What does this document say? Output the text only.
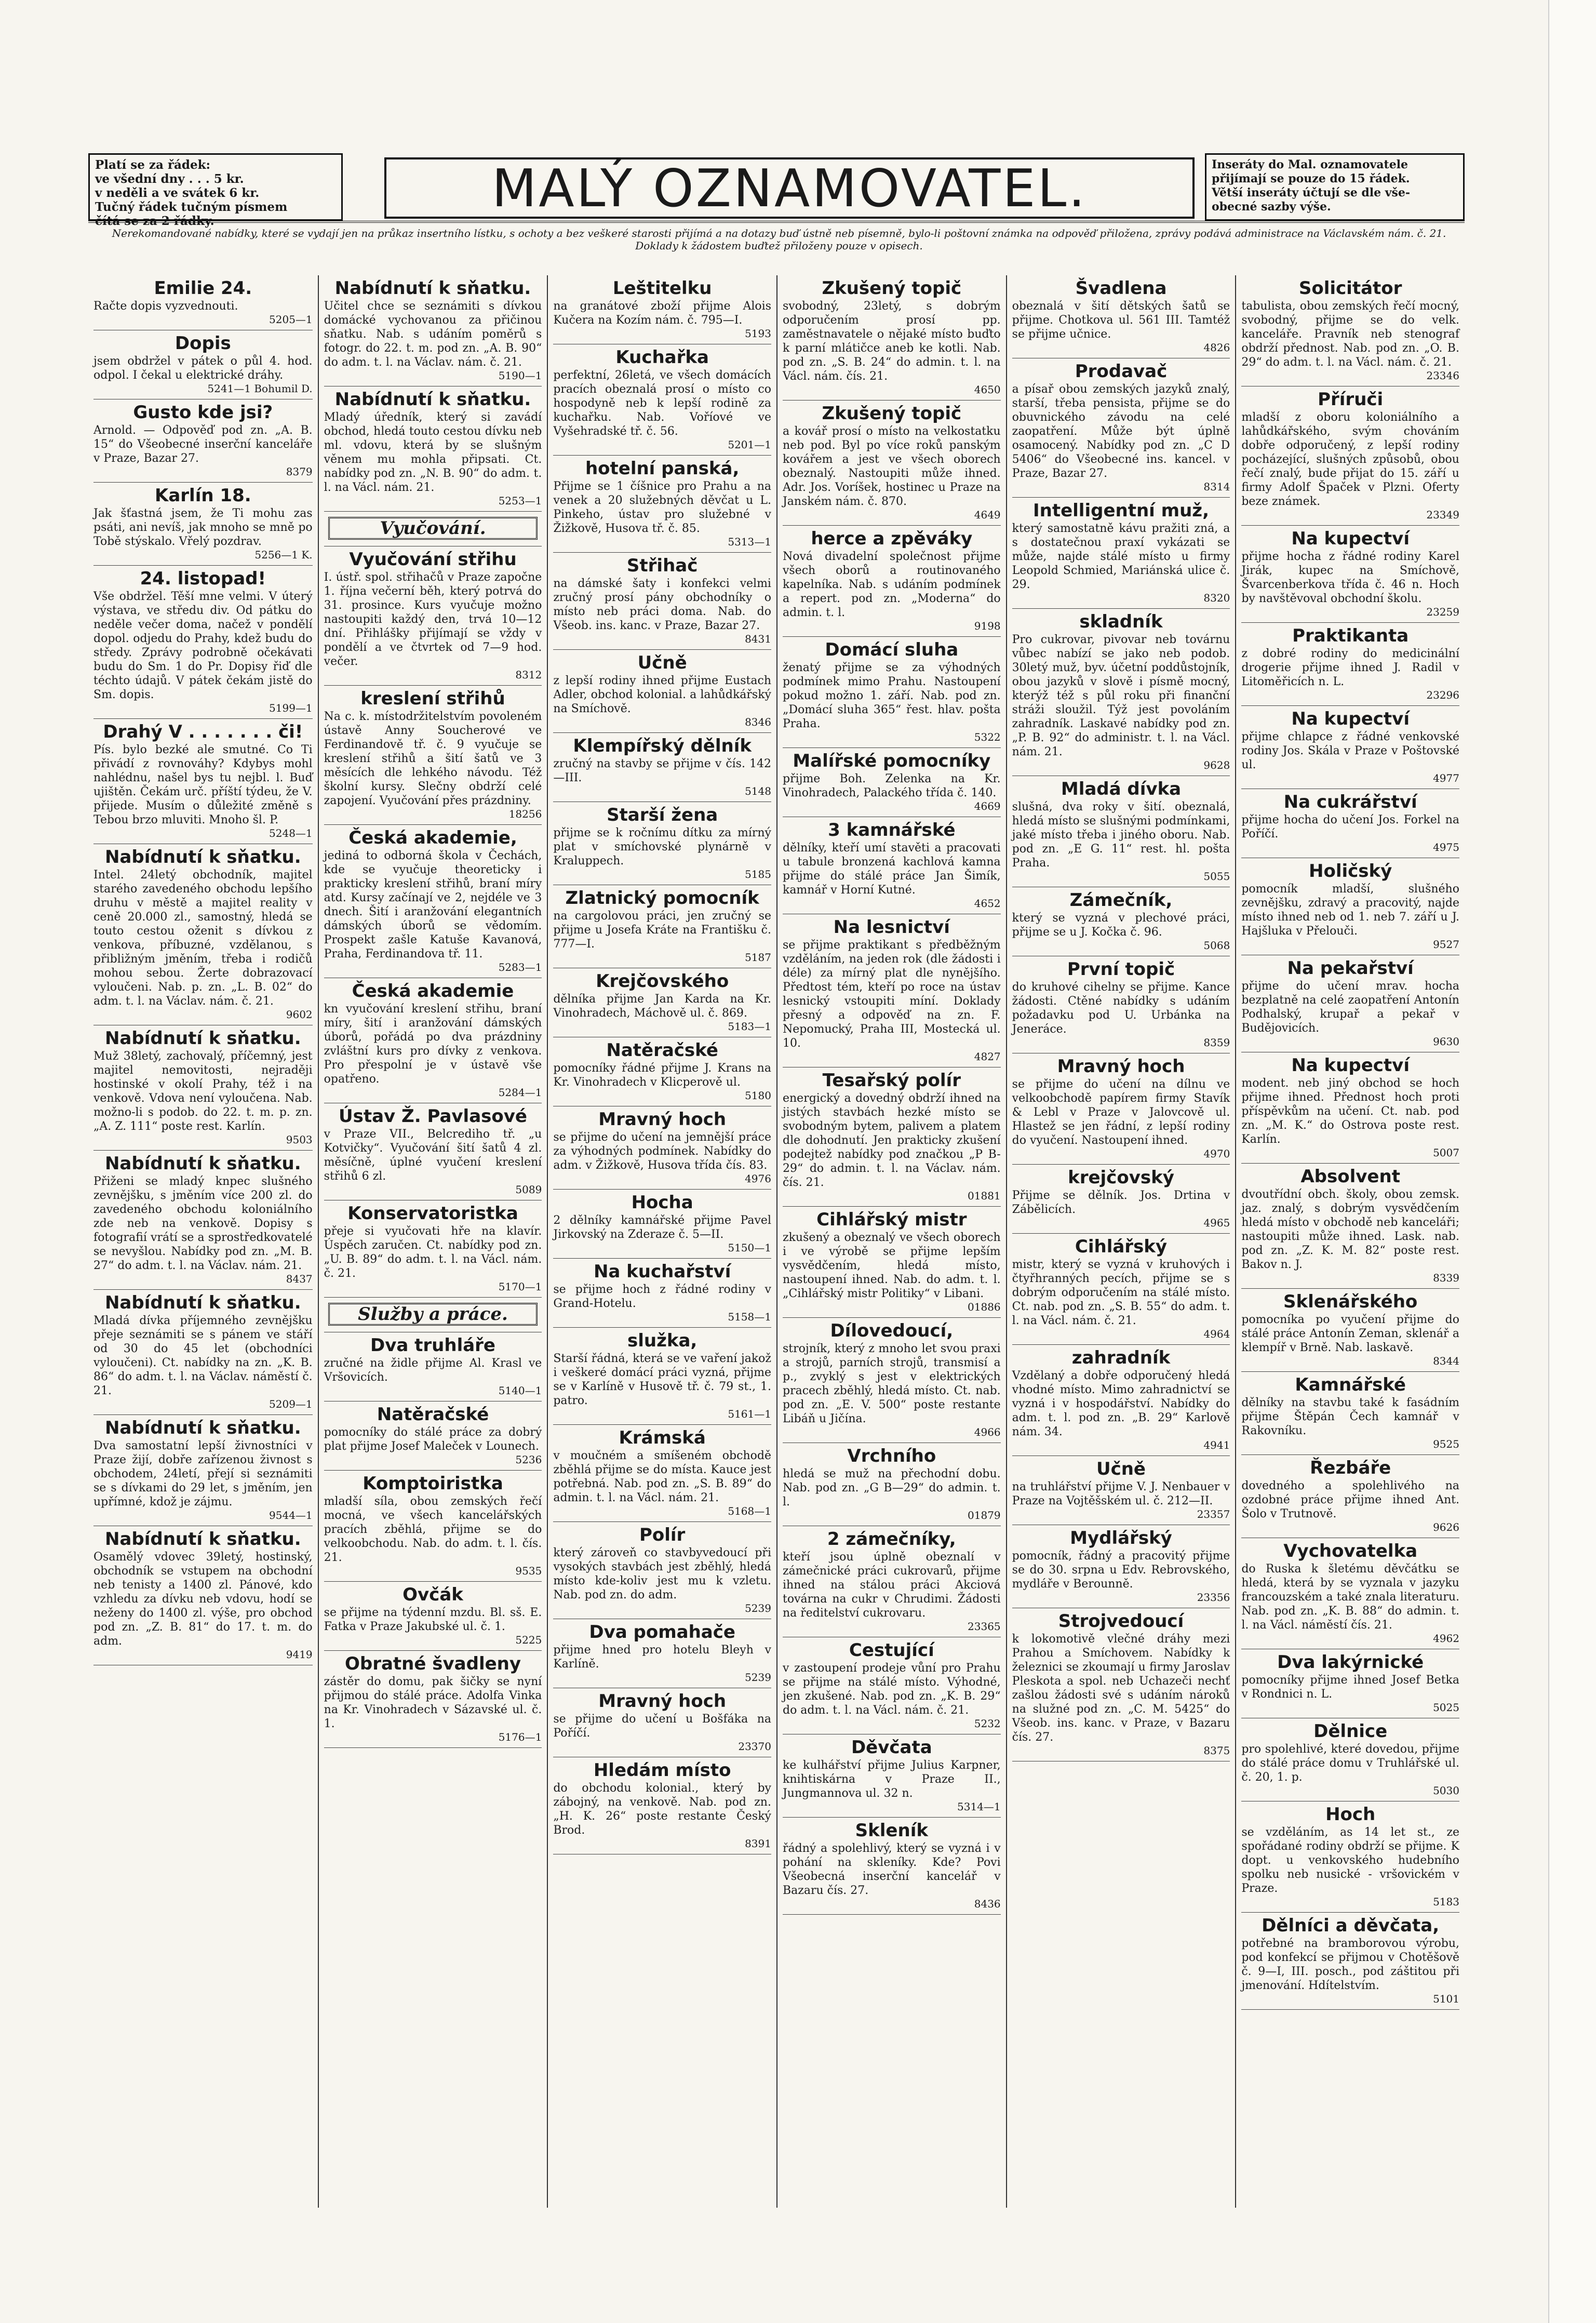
Platí se za řádek:
ve všední dny . . . 5 kr.
v neděli a ve svátek 6 kr.
Tučný řádek tučným písmem
čítá se za 2 řádky.
MALÝ OZNAMOVATEL.	Inseráty do Mal. oznamovatele
přijímají se pouze do 15 řádek.
Větší inseráty účtují se dle vše-
obecné sazby výše.
Nerekomandované nabídky, které se vydají jen na průkaz insertního lístku, s ochoty a bez veškeré starosti přijímá a na dotazy buď ústně neb písemně, bylo-li poštovní známka na odpověď přiložena, zprávy podává administrace na Václavském nám. č. 21. Doklady k žádostem buďtež přiloženy pouze v opisech.
Emilie 24.

Račte dopis vyzvednouti.

5205—1

Dopis

jsem obdržel v pátek o půl 4. hod. odpol. I čekal u elektrické dráhy.

5241—1 Bohumil D.

Gusto kde jsi?

Arnold. — Odpověď pod zn. „A. B. 15“ do Všeobecné inserční kanceláře v Praze, Bazar 27.

8379

Karlín 18.

Jak šťastná jsem, že Ti mohu zas psáti, ani nevíš, jak mnoho se mně po Tobě stýskalo. Vřelý pozdrav.

5256—1 K.

24. listopad!

Vše obdržel. Těší mne velmi. V úterý výstava, ve středu div. Od pátku do neděle večer doma, načež v pondělí dopol. odjedu do Prahy, kdež budu do středy. Zprávy podrobně očekávati budu do Sm. 1 do Pr. Dopisy řiď dle téchto údajů. V pátek čekám jistě do Sm. dopis.

5199—1

Drahý V . . . . . . . či!

Pís. bylo bezké ale smutné. Co Ti přivádí z rovnováhy? Kdybys mohl nahlédnu, našel bys tu nejbl. l. Buď ujištěn. Čekám urč. příští týdeu, že V. přijede. Musím o důležité změně s Tebou brzo mluviti. Mnoho šl. P.

5248—1

Nabídnutí k sňatku.

Intel. 24letý obchodník, majitel starého zavedeného obchodu lepšího druhu v městě a majitel reality v ceně 20.000 zl., samostný, hledá se touto cestou oženit s dívkou z venkova, příbuzné, vzdělanou, s přibližným jměním, třeba i rodičů mohou sebou. Žerte dobrazovací vyloučeni. Nab. p. zn. „L. B. 02“ do adm. t. l. na Václav. nám. č. 21.

9602

Nabídnutí k sňatku.

Muž 38letý, zachovalý, příčemný, jest majitel nemovitosti, nejraději hostinské v okolí Prahy, též i na venkově. Vdova není vyloučena. Nab. možno-li s podob. do 22. t. m. p. zn. „A. Z. 111“ poste rest. Karlín.

9503

Nabídnutí k sňatku.

Přiženi se mladý knpec slušného zevnějšku, s jměním více 200 zl. do zavedeného obchodu koloniálního zde neb na venkově. Dopisy s fotografií vrátí se a sprostředkovatelé se nevyšlou. Nabídky pod zn. „M. B. 27“ do adm. t. l. na Václav. nám. 21.

8437

Nabídnutí k sňatku.

Mladá dívka příjemného zevnějšku přeje seznámiti se s pánem ve stáří od 30 do 45 let (obchodníci vyloučeni). Ct. nabídky na zn. „K. B. 86“ do adm. t. l. na Václav. náměstí č. 21.

5209—1

Nabídnutí k sňatku.

Dva samostatní lepší živnostníci v Praze žijí, dobře zařízenou živnost s obchodem, 24letí, přejí si seznámiti se s dívkami do 29 let, s jměním, jen upřímné, kdož je zájmu.

9544—1

Nabídnutí k sňatku.

Osamělý vdovec 39letý, hostinský, obchodník se vstupem na obchodní neb tenisty a 1400 zl. Pánové, kdo vzhledu za dívku neb vdovu, hodí se neženy do 1400 zl. výše, pro obchod pod zn. „Z. B. 81“ do 17. t. m. do adm.

9419

Nabídnutí k sňatku.

Učitel chce se seznámiti s dívkou domácké vychovanou za přičinou sňatku. Nab. s udáním poměrů s fotogr. do 22. t. m. pod zn. „A. B. 90“ do adm. t. l. na Václav. nám. č. 21.

5190—1

Nabídnutí k sňatku.

Mladý úředník, který si zavádí obchod, hledá touto cestou dívku neb ml. vdovu, která by se slušným věnem mu mohla připsati. Ct. nabídky pod zn. „N. B. 90“ do adm. t. l. na Václ. nám. 21.

5253—1

Vyučování.
Vyučování střihu

I. ústř. spol. střihačů v Praze započne 1. října večerní běh, který potrvá do 31. prosince. Kurs vyučuje možno nastoupiti každý den, trvá 10—12 dní. Přihlášky přijímají se vždy v pondělí a ve čtvrtek od 7—9 hod. večer.

8312

kreslení střihů

Na c. k. místodržitelstvím povoleném ústavě Anny Soucherové ve Ferdinandově tř. č. 9 vyučuje se kreslení střihů a šití šatů ve 3 měsících dle lehkého návodu. Též školní kursy. Slečny obdrží celé zapojení. Vyučování přes prázdniny.

18256

Česká akademie,

jediná to odborná škola v Čechách, kde se vyučuje theoreticky i prakticky kreslení střihů, braní míry atd. Kursy začínají ve 2, nejdéle ve 3 dnech. Šití i aranžování elegantních dámských úborů se vědomím. Prospekt zašle Katuše Kavanová, Praha, Ferdinandova tř. 11.

5283—1

Česká akademie

kn vyučování kreslení střihu, braní míry, šití i aranžování dámských úborů, pořádá po dva prázdniny zvláštní kurs pro dívky z venkova. Pro přespolní je v ústavě vše opatřeno.

5284—1

Ústav Ž. Pavlasové

v Praze VII., Belcrediho tř. „u Kotvičky“. Vyučování šití šatů 4 zl. měsíčně, úplné vyučení kreslení střihů 6 zl.

5089

Konservatoristka

přeje si vyučovati hře na klavír. Úspěch zaručen. Ct. nabídky pod zn. „U. B. 89“ do adm. t. l. na Václ. nám. č. 21.

5170—1

Služby a práce.
Dva truhláře

zručné na židle přijme Al. Krasl ve Vršovicích.

5140—1

Natěračské

pomocníky do stálé práce za dobrý plat přijme Josef Maleček v Lounech.

5236

Komptoiristka

mladší síla, obou zemských řečí mocná, ve všech kancelářských pracích zběhlá, přijme se do velkoobchodu. Nab. do adm. t. l. čís. 21.

9535

Ovčák

se přijme na týdenní mzdu. Bl. sš. E. Fatka v Praze Jakubské ul. č. 1.

5225

Obratné švadleny

zástěr do domu, pak šičky se nyní přijmou do stálé práce. Adolfa Vinka na Kr. Vinohradech v Sázavské ul. č. 1.

5176—1

Leštitelku

na granátové zboží přijme Alois Kučera na Kozím nám. č. 795—I.

5193

Kuchařka

perfektní, 26letá, ve všech domácích pracích obeznalá prosí o místo co hospodyně neb k lepší rodině za kuchařku. Nab. Voříové ve Vyšehradské tř. č. 56.

5201—1

hotelní panská,

Přijme se 1 číšnice pro Prahu a na venek a 20 služebných děvčat u L. Pinkeho, ústav pro služebné v Žižkově, Husova tř. č. 85.

5313—1

Střihač

na dámské šaty i konfekci velmi zručný prosí pány obchodníky o místo neb práci doma. Nab. do Všeob. ins. kanc. v Praze, Bazar 27.

8431

Učně

z lepší rodiny ihned přijme Eustach Adler, obchod kolonial. a lahůdkářský na Smíchově.

8346

Klempířský dělník

zručný na stavby se přijme v čís. 142—III.

5148

Starší žena

přijme se k ročnímu dítku za mírný plat v smíchovské plynárně v Kraluppech.

5185

Zlatnický pomocník

na cargolovou práci, jen zručný se přijme u Josefa Kráte na Františku č. 777—I.

5187

Krejčovského

dělníka přijme Jan Karda na Kr. Vinohradech, Máchově ul. č. 869.

5183—1

Natěračské

pomocníky řádné přijme J. Krans na Kr. Vinohradech v Klicperově ul.

5180

Mravný hoch

se přijme do učení na jemnější práce za výhodných podmínek. Nabídky do adm. v Žižkově, Husova třída čís. 83.

4976

Hocha

2 dělníky kamnářské přijme Pavel Jirkovský na Zderaze č. 5—II.

5150—1

Na kuchařství

se přijme hoch z řádné rodiny v Grand-Hotelu.

5158—1

služka,

Starší řádná, která se ve vaření jakož i veškeré domácí práci vyzná, přijme se v Karlíně v Husově tř. č. 79 st., 1. patro.

5161—1

Krámská

v moučném a smíšeném obchodě zběhlá přijme se do místa. Kauce jest potřebná. Nab. pod zn. „S. B. 89“ do admin. t. l. na Václ. nám. 21.

5168—1

Polír

který zároveň co stavbyvedoucí při vysokých stavbách jest zběhlý, hledá místo kde-koliv jest mu k vzletu. Nab. pod zn. do adm.

5239

Dva pomahače

přijme hned pro hotelu Bleyh v Karlíně.

5239

Mravný hoch

se přijme do učení u Bošfáka na Poříčí.

23370

Hledám místo

do obchodu kolonial., který by zábojný, na venkově. Nab. pod zn. „H. K. 26“ poste restante Český Brod.

8391

Zkušený topič

svobodný, 23letý, s dobrým odporučením prosí pp. zaměstnavatele o nějaké místo buďto k parní mlátičce aneb ke kotli. Nab. pod zn. „S. B. 24“ do admin. t. l. na Václ. nám. čís. 21.

4650

Zkušený topič

a kovář prosí o místo na velkostatku neb pod. Byl po více roků panským kovářem a jest ve všech oborech obeznalý. Nastoupiti může ihned. Adr. Jos. Voríšek, hostinec u Praze na Janském nám. č. 870.

4649

herce a zpěváky

Nová divadelní společnost přijme všech oborů a routinovaného kapelníka. Nab. s udáním podmínek a repert. pod zn. „Moderna“ do admin. t. l.

9198

Domácí sluha

ženatý přijme se za výhodných podmínek mimo Prahu. Nastoupení pokud možno 1. září. Nab. pod zn. „Domácí sluha 365“ řest. hlav. pošta Praha.

5322

Malířské pomocníky

přijme Boh. Zelenka na Kr. Vinohradech, Palackého třída č. 140.

4669

3 kamnářské

dělníky, kteří umí stavěti a pracovati u tabule bronzená kachlová kamna přijme do stálé práce Jan Šimík, kamnář v Horní Kutné.

4652

Na lesnictví

se přijme praktikant s předběžným vzděláním, na jeden rok (dle žádosti i déle) za mírný plat dle nynějšího. Předtost tém, kteří po roce na ústav lesnický vstoupiti míní. Doklady přesný a odpověď na zn. F. Nepomucký, Praha III, Mostecká ul. 10.

4827

Tesařský polír

energický a dovedný obdrží ihned na jistých stavbách hezké místo se svobodným bytem, palivem a platem dle dohodnutí. Jen prakticky zkušení podejtež nabídky pod značkou „P B-29“ do admin. t. l. na Václav. nám. čís. 21.

01881

Cihlářský mistr

zkušený a obeznalý ve všech oborech i ve výrobě se přijme lepším vysvědčením, hledá místo, nastoupení ihned. Nab. do adm. t. l. „Cihlářský mistr Politiky“ v Libani.

01886

Dílovedoucí,

strojník, který z mnoho let svou praxi a strojů, parních strojů, transmisí a p., zvyklý s jest v elektrických pracech zběhlý, hledá místo. Ct. nab. pod zn. „E. V. 500“ poste restante Libáň u Jičína.

4966

Vrchního

hledá se muž na přechodní dobu. Nab. pod zn. „G B—29“ do admin. t. l.

01879

2 zámečníky,

kteří jsou úplně obeznalí v zámečnické práci cukrovarů, přijme ihned na stálou práci Akciová továrna na cukr v Chrudimi. Žádosti na ředitelství cukrovaru.

23365

Cestující

v zastoupení prodeje vůní pro Prahu se přijme na stálé místo. Výhodné, jen zkušené. Nab. pod zn. „K. B. 29“ do adm. t. l. na Václ. nám. č. 21.

5232

Děvčata

ke kulhářství přijme Julius Karpner, knihtiskárna v Praze II., Jungmannova ul. 32 n.

5314—1

Skleník

řádný a spolehlivý, který se vyzná i v pohání na skleníky. Kde? Povi Všeobecná inserční kancelář v Bazaru čís. 27.

8436

Švadlena

obeznalá v šití dětských šatů se přijme. Chotkova ul. 561 III. Tamtéž se přijme učnice.

4826

Prodavač

a písař obou zemských jazyků znalý, starší, třeba pensista, přijme se do obuvnického závodu na celé zaopatření. Může být úplně osamocený. Nabídky pod zn. „C D 5406“ do Všeobecné ins. kancel. v Praze, Bazar 27.

8314

Intelligentní muž,

který samostatně kávu pražiti zná, a s dostatečnou praxí vykázati se může, najde stálé místo u firmy Leopold Schmied, Mariánská ulice č. 29.

8320

skladník

Pro cukrovar, pivovar neb továrnu vůbec nabízí se jako neb podob. 30letý muž, byv. účetní poddůstojník, obou jazyků v slově i písmě mocný, kterýž též s půl roku při finanční stráži sloužil. Týž jest povoláním zahradník. Laskavé nabídky pod zn. „P. B. 92“ do administr. t. l. na Václ. nám. 21.

9628

Mladá dívka

slušná, dva roky v šití. obeznalá, hledá místo se slušnými podmínkami, jaké místo třeba i jiného oboru. Nab. pod zn. „E G. 11“ rest. hl. pošta Praha.

5055

Zámečník,

který se vyzná v plechové práci, přijme se u J. Kočka č. 96.

5068

První topič

do kruhové cihelny se přijme. Kance žádosti. Ctěné nabídky s udáním požadavku pod U. Urbánka na Jeneráce.

8359

Mravný hoch

se přijme do učení na dílnu ve velkoobchodě papírem firmy Stavík & Lebl v Praze v Jalovcově ul. Hlastež se jen řádní, z lepší rodiny do vyučení. Nastoupení ihned.

4970

krejčovský

Přijme se dělník. Jos. Drtina v Zábělicích.

4965

Cihlářský

mistr, který se vyzná v kruhových i čtyřhranných pecích, přijme se s dobrým odporučením na stálé místo. Ct. nab. pod zn. „S. B. 55“ do adm. t. l. na Václ. nám. č. 21.

4964

zahradník

Vzdělaný a dobře odporučený hledá vhodné místo. Mimo zahradnictví se vyzná i v hospodářství. Nabídky do adm. t. l. pod zn. „B. 29“ Karlově nám. 34.

4941

Učně

na truhlářství přijme V. J. Nenbauer v Praze na Vojtěšském ul. č. 212—II.

23357

Mydlářský

pomocník, řádný a pracovitý přijme se do 30. srpna u Edv. Rebrovského, mydláře v Berounně.

23356

Strojvedoucí

k lokomotivě vlečné dráhy mezi Prahou a Smíchovem. Nabídky k železnici se zkoumají u firmy Jaroslav Pleskota a spol. neb Uchazeči nechť zašlou žádosti své s udáním nároků na služné pod zn. „C. M. 5425“ do Všeob. ins. kanc. v Praze, v Bazaru čís. 27.

8375

Solicitátor

tabulista, obou zemských řečí mocný, svobodný, přijme se do velk. kanceláře. Pravník neb stenograf obdrží přednost. Nab. pod zn. „O. B. 29“ do adm. t. l. na Václ. nám. č. 21.

23346

Příruči

mladší z oboru koloniálního a lahůdkářského, svým chováním dobře odporučený, z lepší rodiny pocházející, slušných způsobů, obou řečí znalý, bude přijat do 15. září u firmy Adolf Špaček v Plzni. Oferty beze známek.

23349

Na kupectví

přijme hocha z řádné rodiny Karel Jirák, kupec na Smíchově, Švarcenberkova třída č. 46 n. Hoch by navštěvoval obchodní školu.

23259

Praktikanta

z dobré rodiny do medicinální drogerie přijme ihned J. Radil v Litoměřicích n. L.

23296

Na kupectví

přijme chlapce z řádné venkovské rodiny Jos. Skála v Praze v Poštovské ul.

4977

Na cukrářství

přijme hocha do učení Jos. Forkel na Poříčí.

4975

Holičský

pomocník mladší, slušného zevnějšku, zdravý a pracovitý, najde místo ihned neb od 1. neb 7. září u J. Hajšluka v Přelouči.

9527

Na pekařství

přijme do učení mrav. hocha bezplatně na celé zaopatření Antonín Podhalský, krupař a pekař v Budějovicích.

9630

Na kupectví

modent. neb jiný obchod se hoch přijme ihned. Přednost hoch proti příspěvkům na učení. Ct. nab. pod zn. „M. K.“ do Ostrova poste rest. Karlín.

5007

Absolvent

dvoutřídní obch. školy, obou zemsk. jaz. znalý, s dobrým vysvědčením hledá místo v obchodě neb kanceláři; nastoupiti může ihned. Lask. nab. pod zn. „Z. K. M. 82“ poste rest. Bakov n. J.

8339

Sklenářského

pomocníka po vyučení přijme do stálé práce Antonín Zeman, sklenář a klempíř v Brně. Nab. laskavě.

8344

Kamnářské

dělníky na stavbu také k fasádním přijme Štěpán Čech kamnář v Rakovníku.

9525

Řezbáře

dovedného a spolehlivého na ozdobné práce přijme ihned Ant. Šolo v Trutnově.

9626

Vychovatelka

do Ruska k šletému děvčátku se hledá, která by se vyznala v jazyku francouzském a také znala literaturu. Nab. pod zn. „K. B. 88“ do admin. t. l. na Václ. náměstí čís. 21.

4962

Dva lakýrnické

pomocníky přijme ihned Josef Betka v Rondnici n. L.

5025

Dělnice

pro spolehlivé, které dovedou, přijme do stálé práce domu v Truhlářské ul. č. 20, 1. p.

5030

Hoch

se vzděláním, as 14 let st., ze spořádané rodiny obdrží se přijme. K dopt. u venkovského hudebního spolku neb nusické - vršovickém v Praze.

5183

Dělníci a děvčata,

potřebné na bramborovou výrobu, pod konfekcí se přijmou v Chotěšově č. 9—I, III. posch., pod záštitou při jmenování. Hdítelstvím.

5101
